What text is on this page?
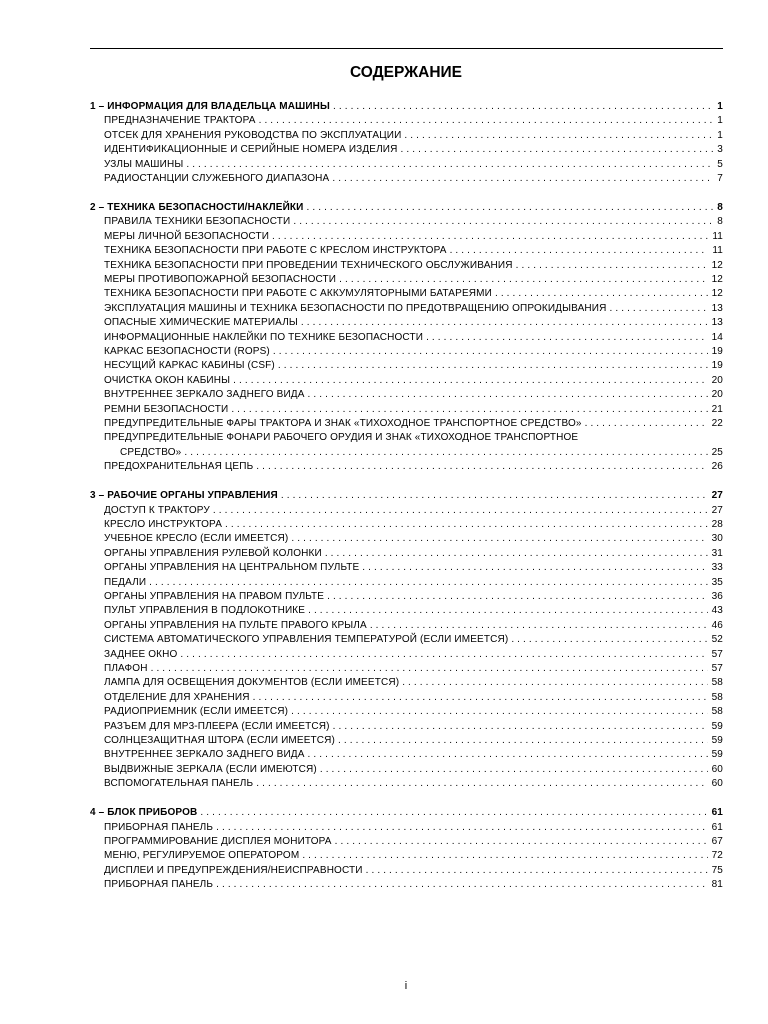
СОДЕРЖАНИЕ
1 – ИНФОРМАЦИЯ ДЛЯ ВЛАДЕЛЬЦА МАШИНЫ . . .	1
ПРЕДНАЗНАЧЕНИЕ ТРАКТОРА . . .	1
ОТСЕК ДЛЯ ХРАНЕНИЯ РУКОВОДСТВА ПО ЭКСПЛУАТАЦИИ . . .	1
ИДЕНТИФИКАЦИОННЫЕ И СЕРИЙНЫЕ НОМЕРА ИЗДЕЛИЯ . . .	3
УЗЛЫ МАШИНЫ . . .	5
РАДИОСТАНЦИИ СЛУЖЕБНОГО ДИАПАЗОНА . . .	7
2 – ТЕХНИКА БЕЗОПАСНОСТИ/НАКЛЕЙКИ . . .	8
ПРАВИЛА ТЕХНИКИ БЕЗОПАСНОСТИ . . .	8
МЕРЫ ЛИЧНОЙ БЕЗОПАСНОСТИ . . .	11
ТЕХНИКА БЕЗОПАСНОСТИ ПРИ РАБОТЕ С КРЕСЛОМ ИНСТРУКТОРА . . .	11
ТЕХНИКА БЕЗОПАСНОСТИ ПРИ ПРОВЕДЕНИИ ТЕХНИЧЕСКОГО ОБСЛУЖИВАНИЯ . . .	12
МЕРЫ ПРОТИВОПОЖАРНОЙ БЕЗОПАСНОСТИ . . .	12
ТЕХНИКА БЕЗОПАСНОСТИ ПРИ РАБОТЕ С АККУМУЛЯТОРНЫМИ БАТАРЕЯМИ . . .	12
ЭКСПЛУАТАЦИЯ МАШИНЫ И ТЕХНИКА БЕЗОПАСНОСТИ ПО ПРЕДОТВРАЩЕНИЮ ОПРОКИДЫВАНИЯ . . .	13
ОПАСНЫЕ ХИМИЧЕСКИЕ МАТЕРИАЛЫ . . .	13
ИНФОРМАЦИОННЫЕ НАКЛЕЙКИ ПО ТЕХНИКЕ БЕЗОПАСНОСТИ . . .	14
КАРКАС БЕЗОПАСНОСТИ (ROPS) . . .	19
НЕСУЩИЙ КАРКАС КАБИНЫ (CSF) . . .	19
ОЧИСТКА ОКОН КАБИНЫ . . .	20
ВНУТРЕННЕЕ ЗЕРКАЛО ЗАДНЕГО ВИДА . . .	20
РЕМНИ БЕЗОПАСНОСТИ . . .	21
ПРЕДУПРЕДИТЕЛЬНЫЕ ФАРЫ ТРАКТОРА И ЗНАК «ТИХОХОДНОЕ ТРАНСПОРТНОЕ СРЕДСТВО» . . .	22
ПРЕДУПРЕДИТЕЛЬНЫЕ ФОНАРИ РАБОЧЕГО ОРУДИЯ И ЗНАК «ТИХОХОДНОЕ ТРАНСПОРТНОЕ
СРЕДСТВО» . . .	25
ПРЕДОХРАНИТЕЛЬНАЯ ЦЕПЬ . . .	26
3 – РАБОЧИЕ ОРГАНЫ УПРАВЛЕНИЯ . . .	27
ДОСТУП К ТРАКТОРУ . . .	27
КРЕСЛО ИНСТРУКТОРА . . .	28
УЧЕБНОЕ КРЕСЛО (ЕСЛИ ИМЕЕТСЯ) . . .	30
ОРГАНЫ УПРАВЛЕНИЯ РУЛЕВОЙ КОЛОНКИ . . .	31
ОРГАНЫ УПРАВЛЕНИЯ НА ЦЕНТРАЛЬНОМ ПУЛЬТЕ . . .	33
ПЕДАЛИ . . .	35
ОРГАНЫ УПРАВЛЕНИЯ НА ПРАВОМ ПУЛЬТЕ . . .	36
ПУЛЬТ УПРАВЛЕНИЯ В ПОДЛОКОТНИКЕ . . .	43
ОРГАНЫ УПРАВЛЕНИЯ НА ПУЛЬТЕ ПРАВОГО КРЫЛА . . .	46
СИСТЕМА АВТОМАТИЧЕСКОГО УПРАВЛЕНИЯ ТЕМПЕРАТУРОЙ (ЕСЛИ ИМЕЕТСЯ) . . .	52
ЗАДНЕЕ ОКНО . . .	57
ПЛАФОН . . .	57
ЛАМПА ДЛЯ ОСВЕЩЕНИЯ ДОКУМЕНТОВ (ЕСЛИ ИМЕЕТСЯ) . . .	58
ОТДЕЛЕНИЕ ДЛЯ ХРАНЕНИЯ . . .	58
РАДИОПРИЕМНИК (ЕСЛИ ИМЕЕТСЯ) . . .	58
РАЗЪЕМ ДЛЯ MP3-ПЛЕЕРА (ЕСЛИ ИМЕЕТСЯ) . . .	59
СОЛНЦЕЗАЩИТНАЯ ШТОРА (ЕСЛИ ИМЕЕТСЯ) . . .	59
ВНУТРЕННЕЕ ЗЕРКАЛО ЗАДНЕГО ВИДА . . .	59
ВЫДВИЖНЫЕ ЗЕРКАЛА (ЕСЛИ ИМЕЮТСЯ) . . .	60
ВСПОМОГАТЕЛЬНАЯ ПАНЕЛЬ . . .	60
4 – БЛОК ПРИБОРОВ . . .	61
ПРИБОРНАЯ ПАНЕЛЬ . . .	61
ПРОГРАММИРОВАНИЕ ДИСПЛЕЯ МОНИТОРА . . .	67
МЕНЮ, РЕГУЛИРУЕМОЕ ОПЕРАТОРОМ . . .	72
ДИСПЛЕИ И ПРЕДУПРЕЖДЕНИЯ/НЕИСПРАВНОСТИ . . .	75
ПРИБОРНАЯ ПАНЕЛЬ . . .	81
i
